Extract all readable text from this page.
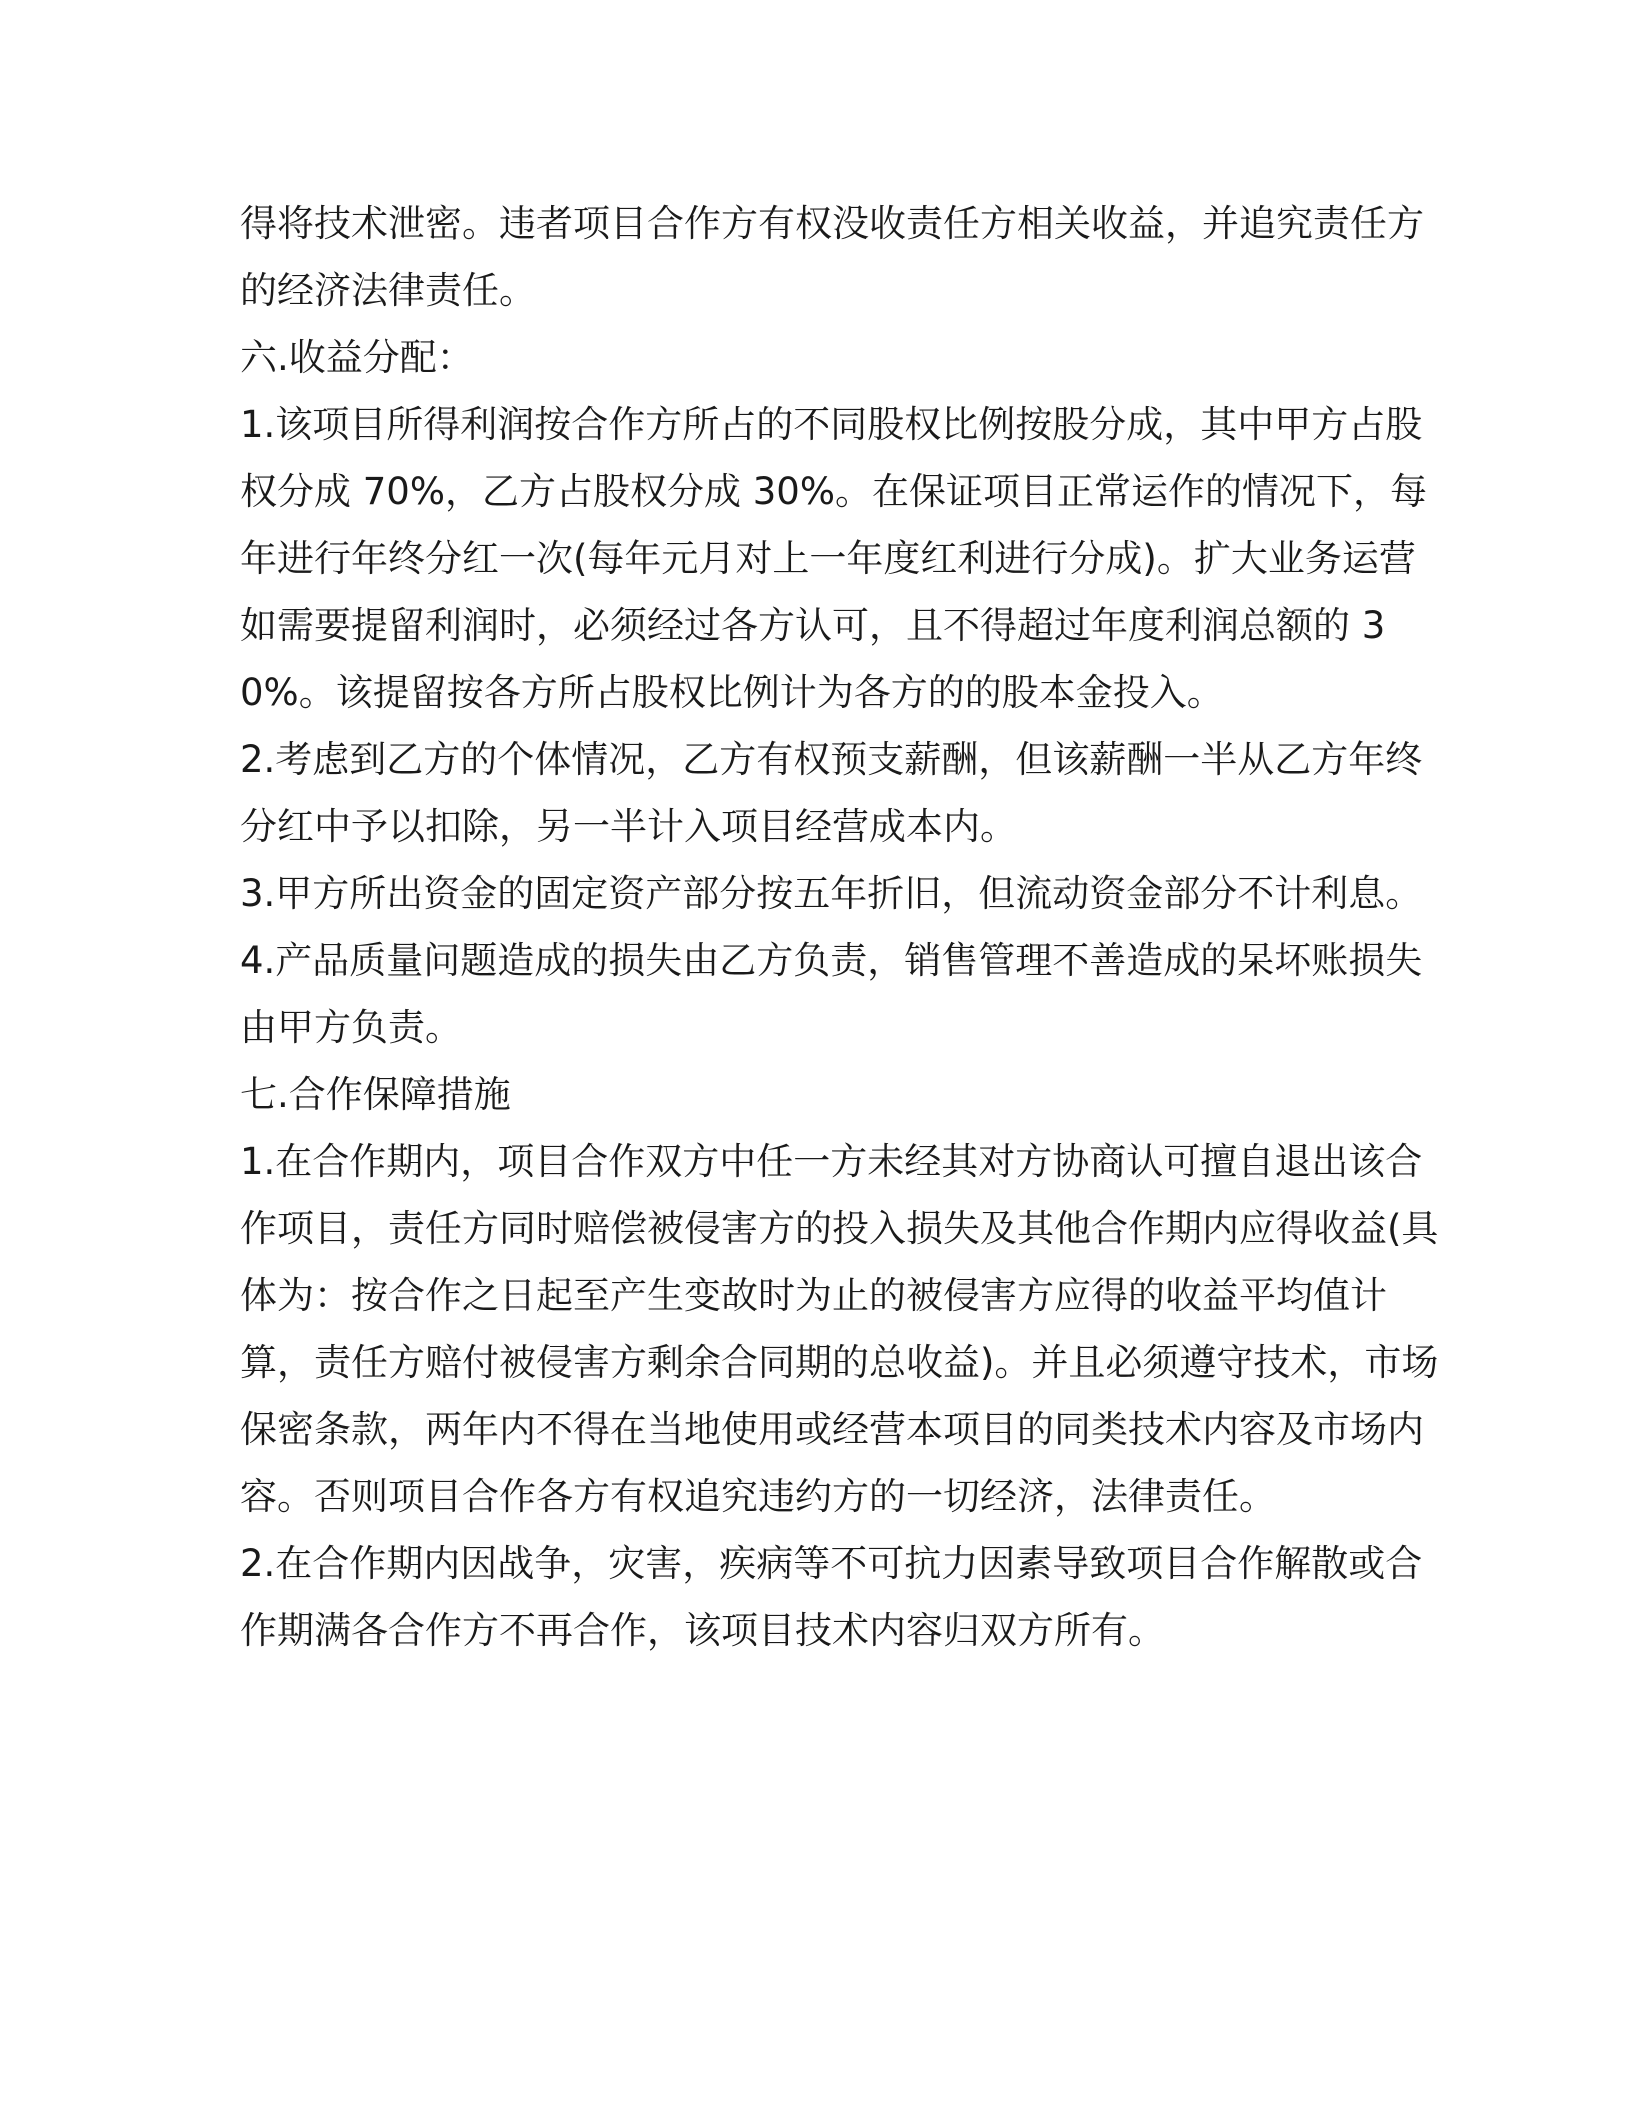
得将技术泄密。违者项目合作方有权没收责任方相关收益，并追究责任方的经济法律责任。

六.收益分配：

1.该项目所得利润按合作方所占的不同股权比例按股分成，其中甲方占股权分成 70%，乙方占股权分成 30%。在保证项目正常运作的情况下，每年进行年终分红一次(每年元月对上一年度红利进行分成)。扩大业务运营如需要提留利润时，必须经过各方认可，且不得超过年度利润总额的 30%。该提留按各方所占股权比例计为各方的的股本金投入。

2.考虑到乙方的个体情况，乙方有权预支薪酬，但该薪酬一半从乙方年终分红中予以扣除，另一半计入项目经营成本内。

3.甲方所出资金的固定资产部分按五年折旧，但流动资金部分不计利息。

4.产品质量问题造成的损失由乙方负责，销售管理不善造成的呆坏账损失由甲方负责。

七.合作保障措施

1.在合作期内，项目合作双方中任一方未经其对方协商认可擅自退出该合作项目，责任方同时赔偿被侵害方的投入损失及其他合作期内应得收益(具体为：按合作之日起至产生变故时为止的被侵害方应得的收益平均值计算，责任方赔付被侵害方剩余合同期的总收益)。并且必须遵守技术，市场保密条款，两年内不得在当地使用或经营本项目的同类技术内容及市场内容。否则项目合作各方有权追究违约方的一切经济，法律责任。

2.在合作期内因战争，灾害，疾病等不可抗力因素导致项目合作解散或合作期满各合作方不再合作，该项目技术内容归双方所有。
